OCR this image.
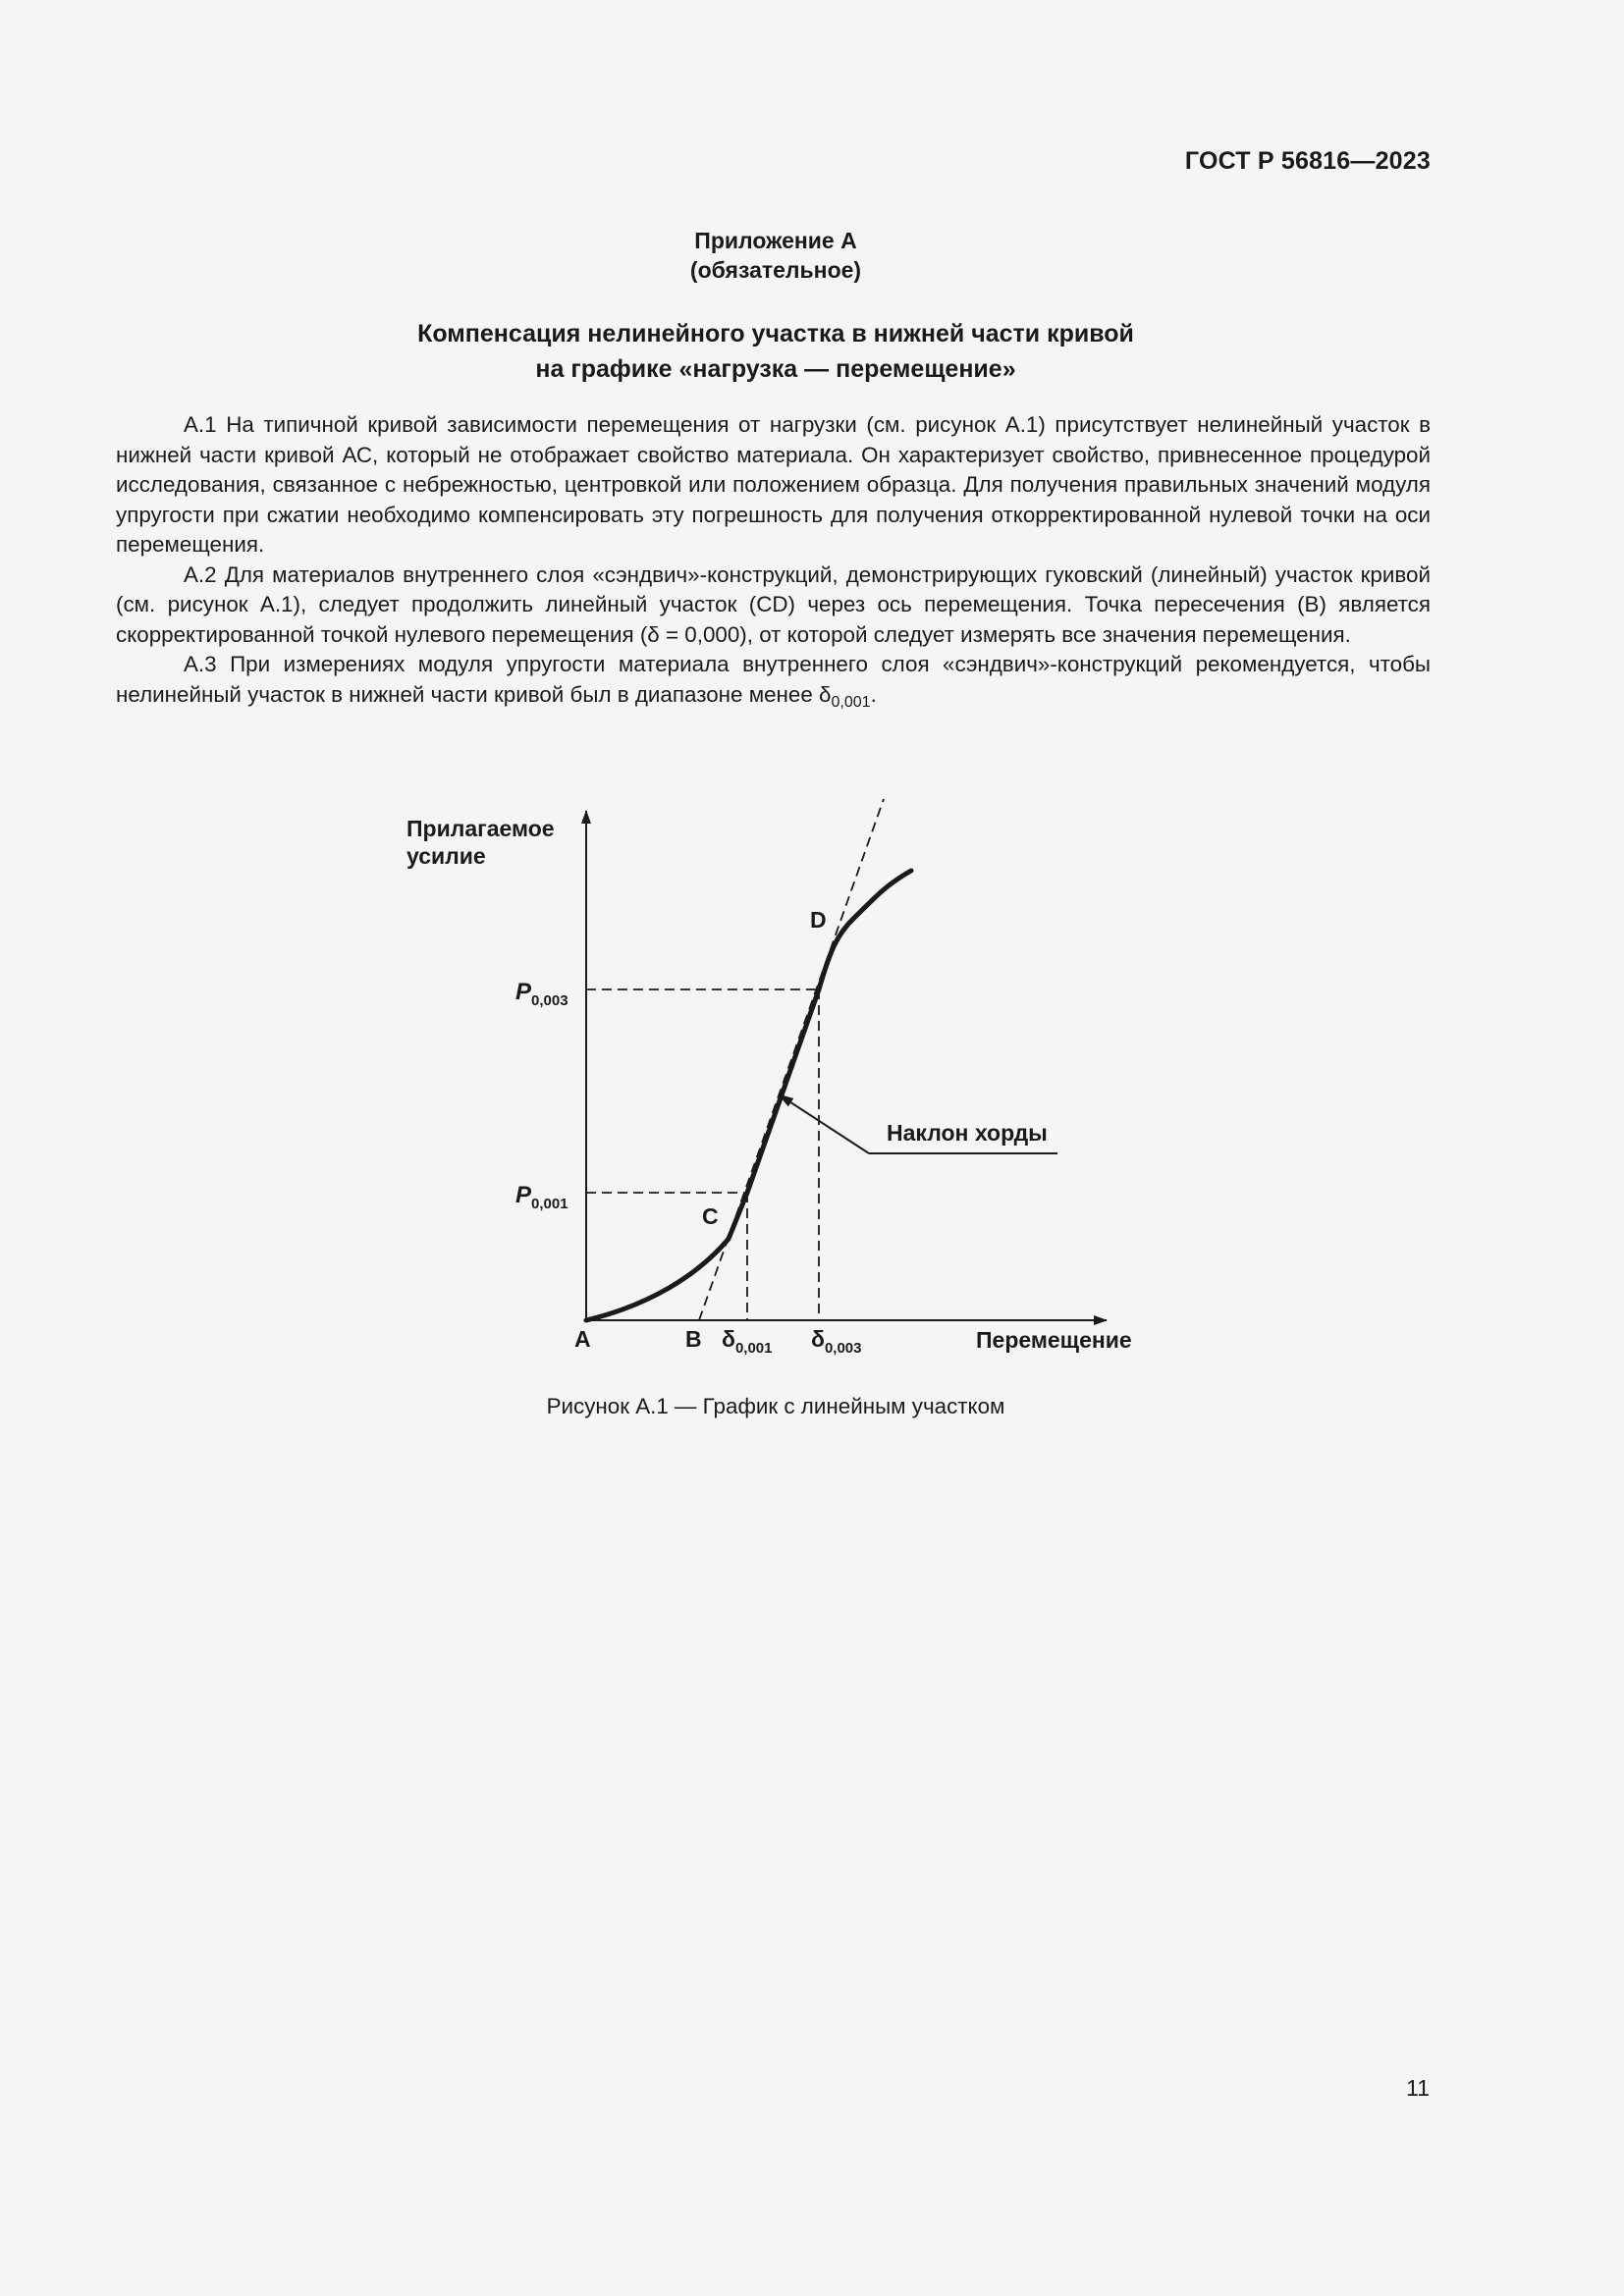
ГОСТ Р 56816—2023
Приложение А
(обязательное)
Компенсация нелинейного участка в нижней части кривой
на графике «нагрузка — перемещение»

А.1 На типичной кривой зависимости перемещения от нагрузки (см. рисунок А.1) присутствует нелинейный участок в нижней части кривой АС, который не отображает свойство материала. Он характеризует свойство, привнесенное процедурой исследования, связанное с небрежностью, центровкой или положением образца. Для получения правильных значений модуля упругости при сжатии необходимо компенсировать эту погрешность для получения откорректированной нулевой точки на оси перемещения.

А.2 Для материалов внутреннего слоя «сэндвич»-конструкций, демонстрирующих гуковский (линейный) участок кривой (см. рисунок А.1), следует продолжить линейный участок (CD) через ось перемещения. Точка пересечения (В) является скорректированной точкой нулевого перемещения (δ = 0,000), от которой следует измерять все значения перемещения.

А.3 При измерениях модуля упругости материала внутреннего слоя «сэндвич»-конструкций рекомендуется, чтобы нелинейный участок в нижней части кривой был в диапазоне менее $\delta_{0,001}$.

Прилагаемое
усилие
$P_{0,003}$
$P_{0,001}$
A	B
C
D
$\delta_{0,001}$ $\delta_{0,003}$	Перемещение
Наклон хорды
Рисунок А.1 — График с линейным участком
11
